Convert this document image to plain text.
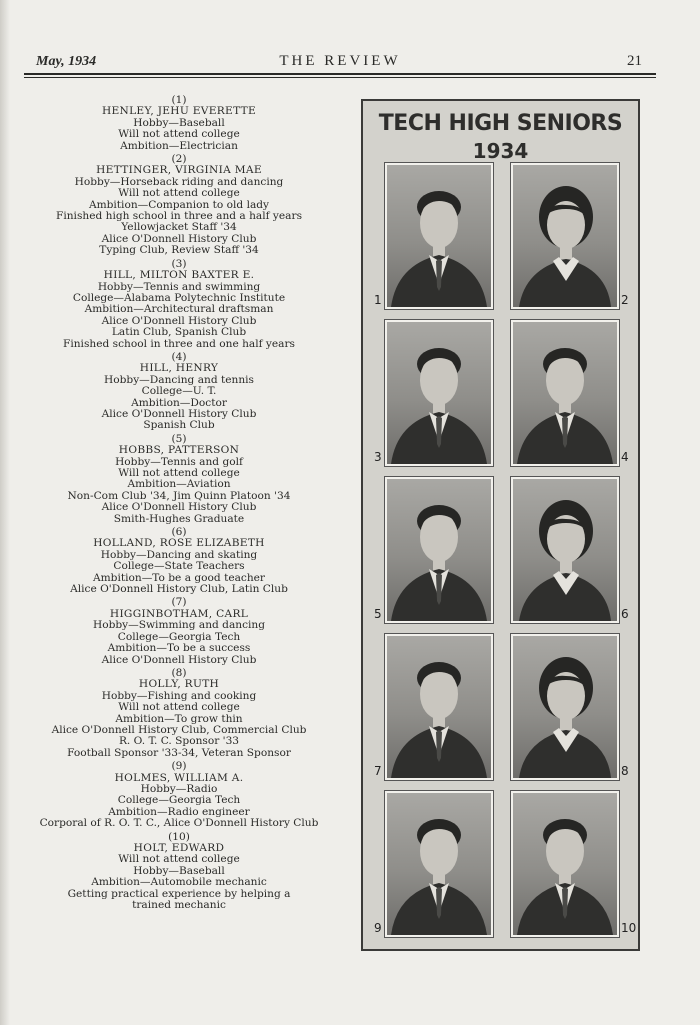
May, 1934	THE REVIEW	21
(1)
HENLEY, JEHU EVERETTE
Hobby—Baseball
Will not attend college
Ambition—Electrician
(2)
HETTINGER, VIRGINIA MAE
Hobby—Horseback riding and dancing
Will not attend college
Ambition—Companion to old lady
Finished high school in three and a half years
Yellowjacket Staff '34
Alice O'Donnell History Club
Typing Club, Review Staff '34
(3)
HILL, MILTON BAXTER E.
Hobby—Tennis and swimming
College—Alabama Polytechnic Institute
Ambition—Architectural draftsman
Alice O'Donnell History Club
Latin Club, Spanish Club
Finished school in three and one half years
(4)
HILL, HENRY
Hobby—Dancing and tennis
College—U. T.
Ambition—Doctor
Alice O'Donnell History Club
Spanish Club
(5)
HOBBS, PATTERSON
Hobby—Tennis and golf
Will not attend college
Ambition—Aviation
Non-Com Club '34, Jim Quinn Platoon '34
Alice O'Donnell History Club
Smith-Hughes Graduate
(6)
HOLLAND, ROSE ELIZABETH
Hobby—Dancing and skating
College—State Teachers
Ambition—To be a good teacher
Alice O'Donnell History Club, Latin Club
(7)
HIGGINBOTHAM, CARL
Hobby—Swimming and dancing
College—Georgia Tech
Ambition—To be a success
Alice O'Donnell History Club
(8)
HOLLY, RUTH
Hobby—Fishing and cooking
Will not attend college
Ambition—To grow thin
Alice O'Donnell History Club, Commercial Club
R. O. T. C. Sponsor '33
Football Sponsor '33-34, Veteran Sponsor
(9)
HOLMES, WILLIAM A.
Hobby—Radio
College—Georgia Tech
Ambition—Radio engineer
Corporal of R. O. T. C., Alice O'Donnell History Club
(10)
HOLT, EDWARD
Will not attend college
Hobby—Baseball
Ambition—Automobile mechanic
Getting practical experience by helping a
trained mechanic
TECH HIGH SENIORS
1934
1	2
3	4
5	6
7	8
9	10
